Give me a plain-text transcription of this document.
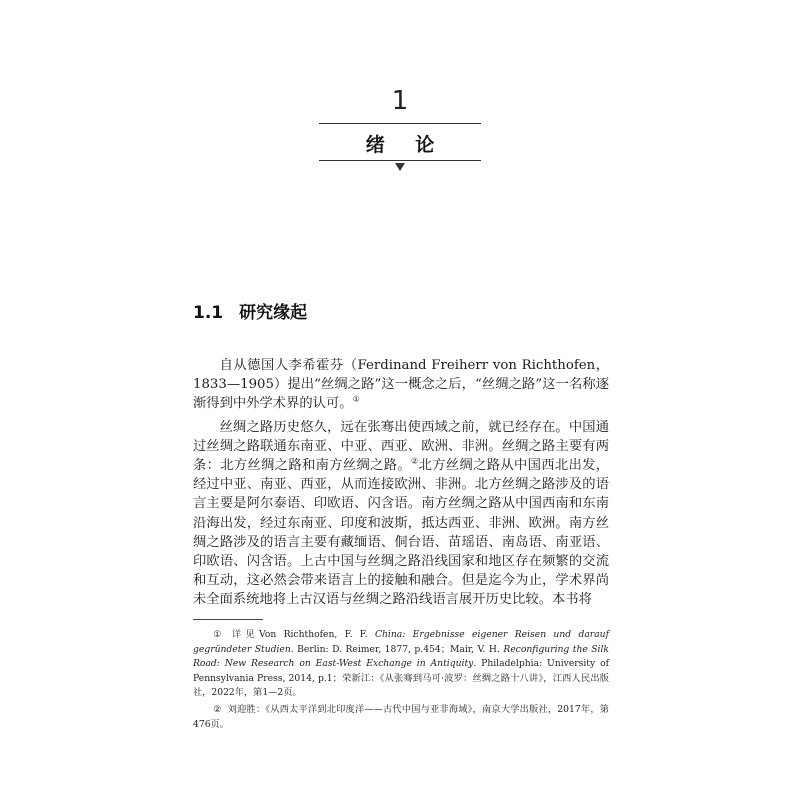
1
绪 论
1.1 研究缘起

自从德国人李希霍芬（Ferdinand Freiherr von Richthofen，1833—1905）提出“丝绸之路”这一概念之后，“丝绸之路”这一名称逐渐得到中外学术界的认可。①

丝绸之路历史悠久，远在张骞出使西域之前，就已经存在。中国通过丝绸之路联通东南亚、中亚、西亚、欧洲、非洲。丝绸之路主要有两条：北方丝绸之路和南方丝绸之路。②北方丝绸之路从中国西北出发，经过中亚、南亚、西亚，从而连接欧洲、非洲。北方丝绸之路涉及的语言主要是阿尔泰语、印欧语、闪含语。南方丝绸之路从中国西南和东南沿海出发，经过东南亚、印度和波斯，抵达西亚、非洲、欧洲。南方丝绸之路涉及的语言主要有藏缅语、侗台语、苗瑶语、南岛语、南亚语、印欧语、闪含语。上古中国与丝绸之路沿线国家和地区存在频繁的交流和互动，这必然会带来语言上的接触和融合。但是迄今为止，学术界尚未全面系统地将上古汉语与丝绸之路沿线语言展开历史比较。本书将

① 详见Von Richthofen, F. F. China: Ergebnisse eigener Reisen und darauf gegründeter Studien. Berlin: D. Reimer, 1877, p.454；Mair, V. H. Reconfiguring the Silk Road: New Research on East-West Exchange in Antiquity. Philadelphia: University of Pennsylvania Press, 2014, p.1；荣新江：《从张骞到马可·波罗：丝绸之路十八讲》，江西人民出版社，2022年，第1—2页。

② 刘迎胜：《从西太平洋到北印度洋——古代中国与亚非海域》，南京大学出版社，2017年，第476页。
